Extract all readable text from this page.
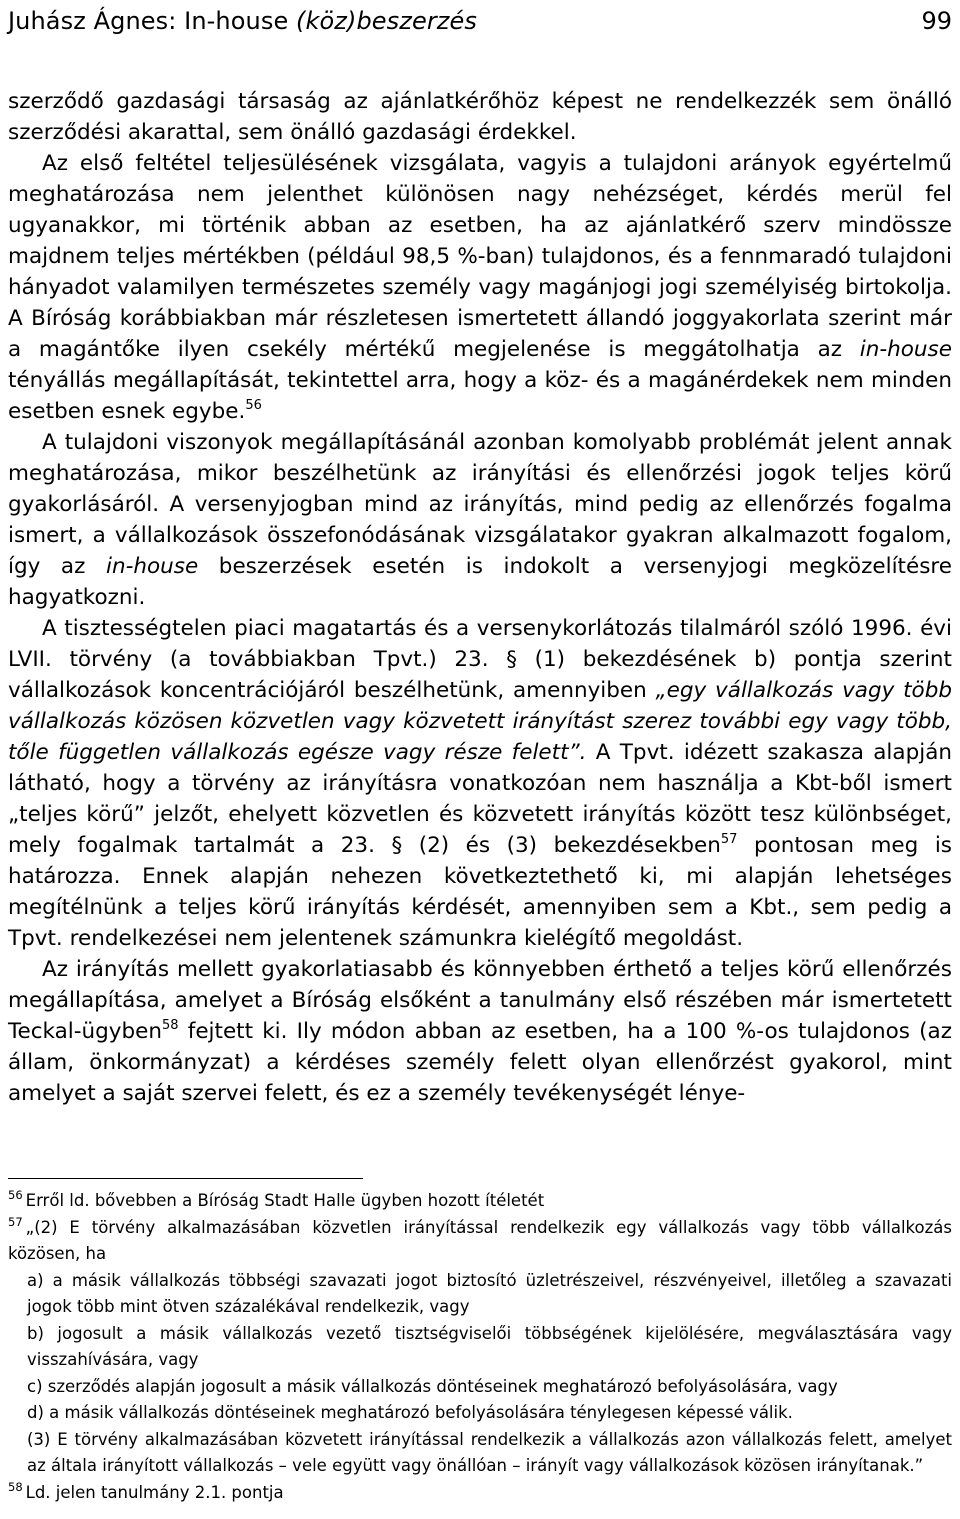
Juhász Ágnes: In-house (köz)beszerzés	99

szerződő gazdasági társaság az ajánlatkérőhöz képest ne rendelkezzék sem önálló szerződési akarattal, sem önálló gazdasági érdekkel.

Az első feltétel teljesülésének vizsgálata, vagyis a tulajdoni arányok egyértelmű meghatározása nem jelenthet különösen nagy nehézséget, kérdés merül fel ugyanakkor, mi történik abban az esetben, ha az ajánlatkérő szerv mindössze majdnem teljes mértékben (például 98,5 %-ban) tulajdonos, és a fennmaradó tulajdoni hányadot valamilyen természetes személy vagy magánjogi jogi személyiség birtokolja. A Bíróság korábbiakban már részletesen ismertetett állandó joggyakorlata szerint már a magántőke ilyen csekély mértékű megjelenése is meggátolhatja az in-house tényállás megállapítását, tekintettel arra, hogy a köz- és a magánérdekek nem minden esetben esnek egybe.$^{56}$

A tulajdoni viszonyok megállapításánál azonban komolyabb problémát jelent annak meghatározása, mikor beszélhetünk az irányítási és ellenőrzési jogok teljes körű gyakorlásáról. A versenyjogban mind az irányítás, mind pedig az ellenőrzés fogalma ismert, a vállalkozások összefonódásának vizsgálatakor gyakran alkalmazott fogalom, így az in-house beszerzések esetén is indokolt a versenyjogi megközelítésre hagyatkozni.

A tisztességtelen piaci magatartás és a versenykorlátozás tilalmáról szóló 1996. évi LVII. törvény (a továbbiakban Tpvt.) 23. § (1) bekezdésének b) pontja szerint vállalkozások koncentrációjáról beszélhetünk, amennyiben „egy vállalkozás vagy több vállalkozás közösen közvetlen vagy közvetett irányítást szerez további egy vagy több, tőle független vállalkozás egésze vagy része felett”. A Tpvt. idézett szakasza alapján látható, hogy a törvény az irányításra vonatkozóan nem használja a Kbt-ből ismert „teljes körű” jelzőt, ehelyett közvetlen és közvetett irányítás között tesz különbséget, mely fogalmak tartalmát a 23. § (2) és (3) bekezdésekben$^{57}$ pontosan meg is határozza. Ennek alapján nehezen következtethető ki, mi alapján lehetséges megítélnünk a teljes körű irányítás kérdését, amennyiben sem a Kbt., sem pedig a Tpvt. rendelkezései nem jelentenek számunkra kielégítő megoldást.

Az irányítás mellett gyakorlatiasabb és könnyebben érthető a teljes körű ellenőrzés megállapítása, amelyet a Bíróság elsőként a tanulmány első részében már ismertetett Teckal-ügyben$^{58}$ fejtett ki. Ily módon abban az esetben, ha a 100 %-os tulajdonos (az állam, önkormányzat) a kérdéses személy felett olyan ellenőrzést gyakorol, mint amelyet a saját szervei felett, és ez a személy tevékenységét lénye-

$^{56}$ Erről ld. bővebben a Bíróság Stadt Halle ügyben hozott ítéletét

$^{57}$ „(2) E törvény alkalmazásában közvetlen irányítással rendelkezik egy vállalkozás vagy több vállalkozás közösen, ha

a) a másik vállalkozás többségi szavazati jogot biztosító üzletrészeivel, részvényeivel, illetőleg a szavazati jogok több mint ötven százalékával rendelkezik, vagy

b) jogosult a másik vállalkozás vezető tisztségviselői többségének kijelölésére, megválasztására vagy visszahívására, vagy

c) szerződés alapján jogosult a másik vállalkozás döntéseinek meghatározó befolyásolására, vagy

d) a másik vállalkozás döntéseinek meghatározó befolyásolására ténylegesen képessé válik.

(3) E törvény alkalmazásában közvetett irányítással rendelkezik a vállalkozás azon vállalkozás felett, amelyet az általa irányított vállalkozás – vele együtt vagy önállóan – irányít vagy vállalkozások közösen irányítanak.”

$^{58}$ Ld. jelen tanulmány 2.1. pontja
